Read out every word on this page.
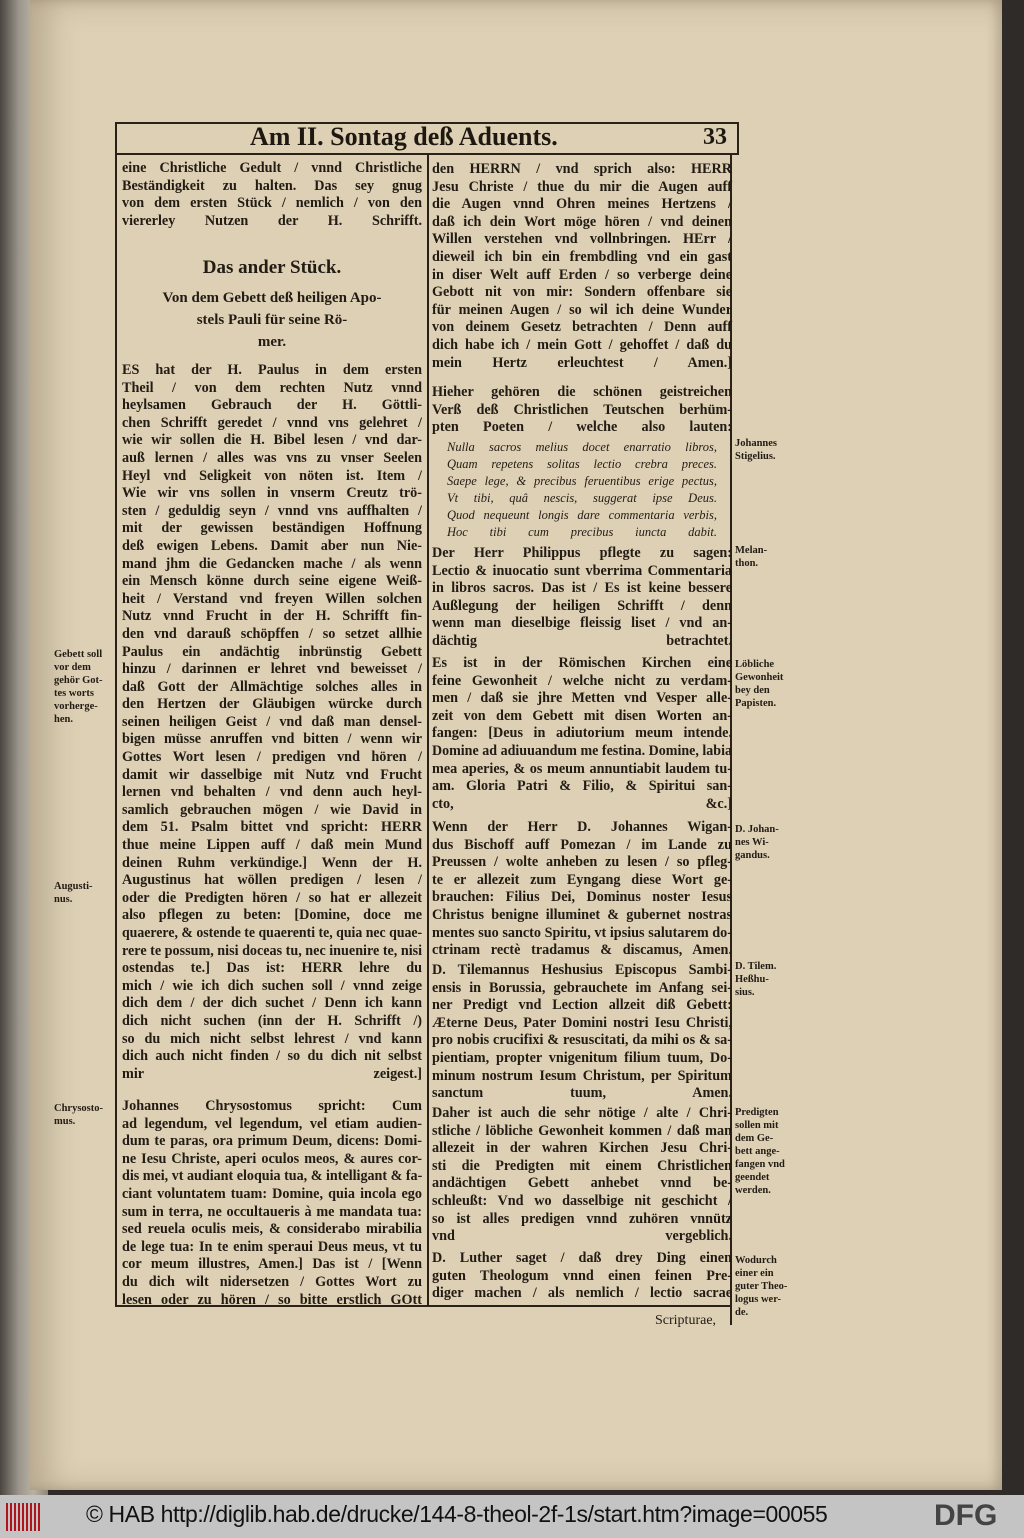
Am II. Sontag deß Aduents.	33
eine Christliche Gedult / vnnd Christliche
Beständigkeit zu halten. Das sey gnug
von dem ersten Stück / nemlich / von den
viererley Nutzen der H. Schrifft.
Das ander Stück.
Von dem Gebett deß heiligen Apo-
stels Pauli für seine Rö-
mer.
ES hat der H. Paulus in dem ersten
Theil / von dem rechten Nutz vnnd
heylsamen Gebrauch der H. Göttli-
chen Schrifft geredet / vnnd vns gelehret /
wie wir sollen die H. Bibel lesen / vnd dar-
auß lernen / alles was vns zu vnser Seelen
Heyl vnd Seligkeit von nöten ist. Item /
Wie wir vns sollen in vnserm Creutz trö-
sten / geduldig seyn / vnnd vns auffhalten /
mit der gewissen beständigen Hoffnung
deß ewigen Lebens. Damit aber nun Nie-
mand jhm die Gedancken mache / als wenn
ein Mensch könne durch seine eigene Weiß-
heit / Verstand vnd freyen Willen solchen
Nutz vnnd Frucht in der H. Schrifft fin-
den vnd darauß schöpffen / so setzet allhie
Paulus ein andächtig inbrünstig Gebett
hinzu / darinnen er lehret vnd beweisset /
daß Gott der Allmächtige solches alles in
den Hertzen der Gläubigen würcke durch
seinen heiligen Geist / vnd daß man densel-
bigen müsse anruffen vnd bitten / wenn wir
Gottes Wort lesen / predigen vnd hören /
damit wir dasselbige mit Nutz vnd Frucht
lernen vnd behalten / vnd denn auch heyl-
samlich gebrauchen mögen / wie David in
dem 51. Psalm bittet vnd spricht: HERR
thue meine Lippen auff / daß mein Mund
deinen Ruhm verkündige.] Wenn der H.
Augustinus hat wöllen predigen / lesen /
oder die Predigten hören / so hat er allezeit
also pflegen zu beten: [Domine, doce me
quaerere, & ostende te quaerenti te, quia nec quae-
rere te possum, nisi doceas tu, nec inuenire te, nisi
ostendas te.] Das ist: HERR lehre du
mich / wie ich dich suchen soll / vnnd zeige
dich dem / der dich suchet / Denn ich kann
dich nicht suchen (inn der H. Schrifft /)
so du mich nicht selbst lehrest / vnd kann
dich auch nicht finden / so du dich nit selbst
mir zeigest.]
Johannes Chrysostomus spricht: Cum
ad legendum, vel legendum, vel etiam audien-
dum te paras, ora primum Deum, dicens: Domi-
ne Iesu Christe, aperi oculos meos, & aures cor-
dis mei, vt audiant eloquia tua, & intelligant & fa-
ciant voluntatem tuam: Domine, quia incola ego
sum in terra, ne occultaueris à me mandata tua:
sed reuela oculis meis, & considerabo mirabilia
de lege tua: In te enim speraui Deus meus, vt tu
cor meum illustres, Amen.] Das ist / [Wenn
du dich wilt nidersetzen / Gottes Wort zu
lesen oder zu hören / so bitte erstlich GOtt
den HERRN / vnd sprich also: HERR
Jesu Christe / thue du mir die Augen auff
die Augen vnnd Ohren meines Hertzens /
daß ich dein Wort möge hören / vnd deinen
Willen verstehen vnd vollnbringen. HErr /
dieweil ich bin ein frembdling vnd ein gast
in diser Welt auff Erden / so verberge deine
Gebott nit von mir: Sondern offenbare sie
für meinen Augen / so wil ich deine Wunder
von deinem Gesetz betrachten / Denn auff
dich habe ich / mein Gott / gehoffet / daß du
mein Hertz erleuchtest / Amen.]
Hieher gehören die schönen geistreichen
Verß deß Christlichen Teutschen berhüm-
pten Poeten / welche also lauten:
Nulla sacros melius docet enarratio libros,
Quam repetens solitas lectio crebra preces.
Saepe lege, & precibus feruentibus erige pectus,
Vt tibi, quâ nescis, suggerat ipse Deus.
Quod nequeunt longis dare commentaria verbis,
Hoc tibi cum precibus iuncta dabit.
Der Herr Philippus pflegte zu sagen:
Lectio & inuocatio sunt vberrima Commentaria
in libros sacros. Das ist / Es ist keine bessere
Außlegung der heiligen Schrifft / denn
wenn man dieselbige fleissig liset / vnd an-
dächtig betrachtet.
Es ist in der Römischen Kirchen eine
feine Gewonheit / welche nicht zu verdam-
men / daß sie jhre Metten vnd Vesper alle-
zeit von dem Gebett mit disen Worten an-
fangen: [Deus in adiutorium meum intende.
Domine ad adiuuandum me festina. Domine, labia
mea aperies, & os meum annuntiabit laudem tu-
am. Gloria Patri & Filio, & Spiritui san-
cto, &c.]
Wenn der Herr D. Johannes Wigan-
dus Bischoff auff Pomezan / im Lande zu
Preussen / wolte anheben zu lesen / so pfleg-
te er allezeit zum Eyngang diese Wort ge-
brauchen: Filius Dei, Dominus noster Iesus
Christus benigne illuminet & gubernet nostras
mentes suo sancto Spiritu, vt ipsius salutarem do-
ctrinam rectè tradamus & discamus, Amen.
D. Tilemannus Heshusius Episcopus Sambi-
ensis in Borussia, gebrauchete im Anfang sei-
ner Predigt vnd Lection allzeit diß Gebett:
Æterne Deus, Pater Domini nostri Iesu Christi,
pro nobis crucifixi & resuscitati, da mihi os & sa-
pientiam, propter vnigenitum filium tuum, Do-
minum nostrum Iesum Christum, per Spiritum
sanctum tuum, Amen.
Daher ist auch die sehr nötige / alte / Chri-
stliche / löbliche Gewonheit kommen / daß man
allezeit in der wahren Kirchen Jesu Chri-
sti die Predigten mit einem Christlichen
andächtigen Gebett anhebet vnnd be-
schleußt: Vnd wo dasselbige nit geschicht /
so ist alles predigen vnnd zuhören vnnütz
vnd vergeblich.
D. Luther saget / daß drey Ding einen
guten Theologum vnnd einen feinen Pre-
diger machen / als nemlich / lectio sacrae
Scripturae,
Gebett soll
vor dem
gehör Got-
tes worts
vorherge-
hen.
Augusti-
nus.
Chrysosto-
mus.
Johannes
Stigelius.
Melan-
thon.
Löbliche
Gewonheit
bey den
Papisten.
D. Johan-
nes Wi-
gandus.
D. Tilem.
Heßhu-
sius.
Predigten
sollen mit
dem Ge-
bett ange-
fangen vnd
geendet
werden.
Wodurch
einer ein
guter Theo-
logus wer-
de.
© HAB http://diglib.hab.de/drucke/144-8-theol-2f-1s/start.htm?image=00055	DFG
